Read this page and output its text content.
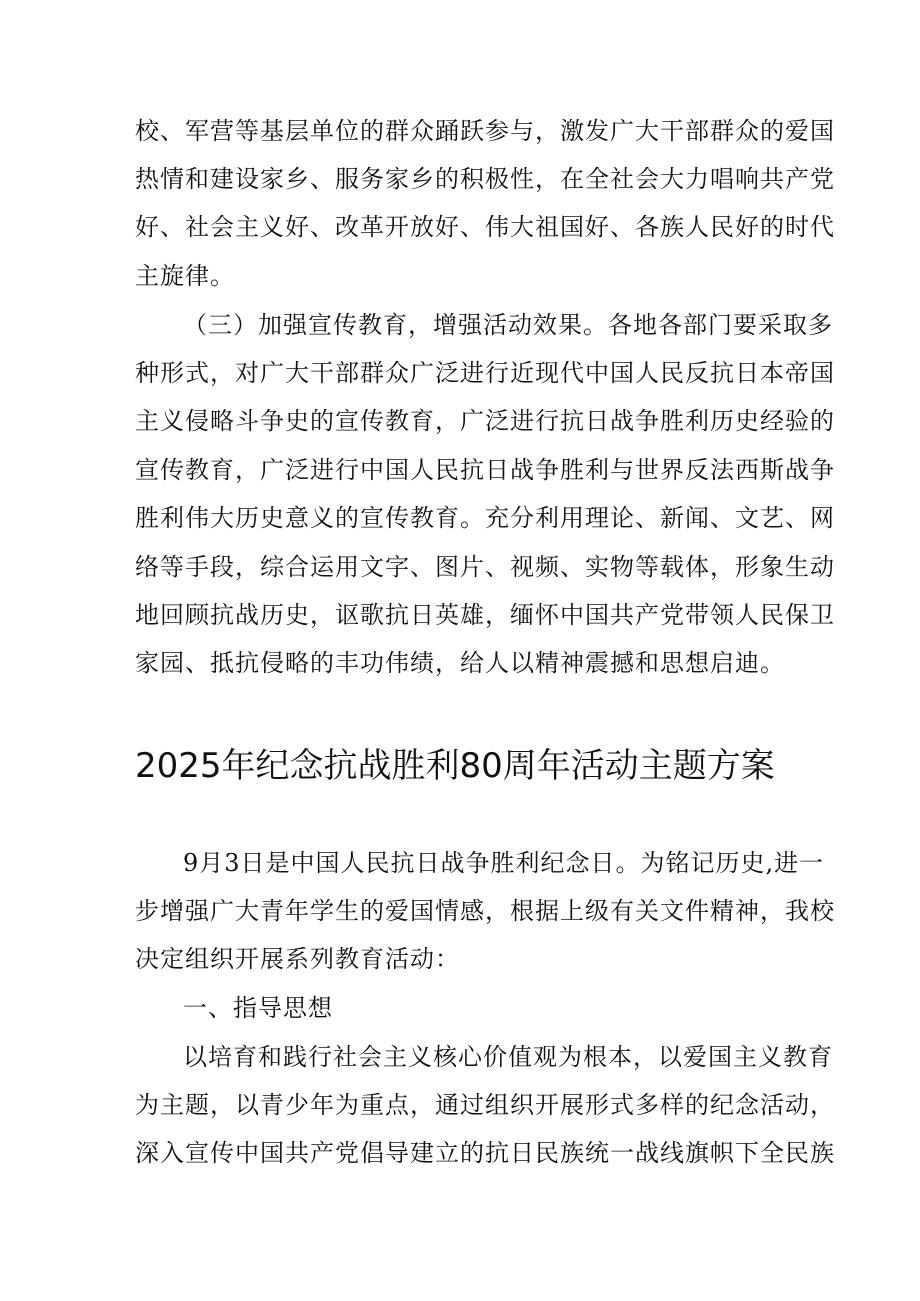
校、军营等基层单位的群众踊跃参与，激发广大干部群众的爱国
热情和建设家乡、服务家乡的积极性，在全社会大力唱响共产党
好、社会主义好、改革开放好、伟大祖国好、各族人民好的时代
主旋律。
（三）加强宣传教育，增强活动效果。各地各部门要采取多
种形式，对广大干部群众广泛进行近现代中国人民反抗日本帝国
主义侵略斗争史的宣传教育，广泛进行抗日战争胜利历史经验的
宣传教育，广泛进行中国人民抗日战争胜利与世界反法西斯战争
胜利伟大历史意义的宣传教育。充分利用理论、新闻、文艺、网
络等手段，综合运用文字、图片、视频、实物等载体，形象生动
地回顾抗战历史，讴歌抗日英雄，缅怀中国共产党带领人民保卫
家园、抵抗侵略的丰功伟绩，给人以精神震撼和思想启迪。
2025年纪念抗战胜利80周年活动主题方案
9月3日是中国人民抗日战争胜利纪念日。为铭记历史,进一
步增强广大青年学生的爱国情感，根据上级有关文件精神，我校
决定组织开展系列教育活动：
一、指导思想
以培育和践行社会主义核心价值观为根本，以爱国主义教育
为主题，以青少年为重点，通过组织开展形式多样的纪念活动，
深入宣传中国共产党倡导建立的抗日民族统一战线旗帜下全民族
